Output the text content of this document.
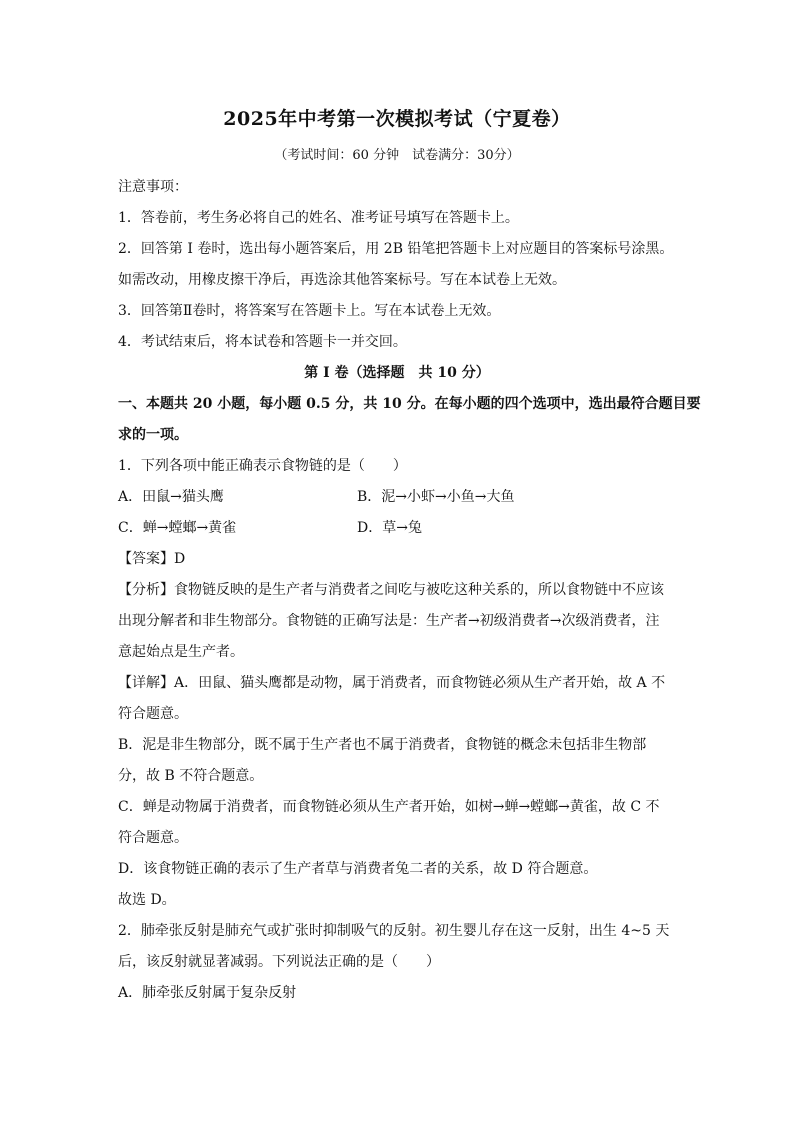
2025年中考第一次模拟考试（宁夏卷）
（考试时间：60 分钟　试卷满分：30分）
注意事项：
1．答卷前，考生务必将自己的姓名、准考证号填写在答题卡上。
2．回答第 I 卷时，选出每小题答案后，用 2B 铅笔把答题卡上对应题目的答案标号涂黑。
如需改动，用橡皮擦干净后，再选涂其他答案标号。写在本试卷上无效。
3．回答第Ⅱ卷时，将答案写在答题卡上。写在本试卷上无效。
4．考试结束后，将本试卷和答题卡一并交回。
第 I 卷（选择题　共 10 分）
一、本题共 20 小题，每小题 0.5 分，共 10 分。在每小题的四个选项中，选出最符合题目要
求的一项。
1．下列各项中能正确表示食物链的是（　　）
A．田鼠→猫头鹰	B．泥→小虾→小鱼→大鱼
C．蝉→螳螂→黄雀	D．草→兔
【答案】D
【分析】食物链反映的是生产者与消费者之间吃与被吃这种关系的，所以食物链中不应该
出现分解者和非生物部分。食物链的正确写法是：生产者→初级消费者→次级消费者，注
意起始点是生产者。
【详解】A．田鼠、猫头鹰都是动物，属于消费者，而食物链必须从生产者开始，故 A 不
符合题意。
B．泥是非生物部分，既不属于生产者也不属于消费者，食物链的概念未包括非生物部
分，故 B 不符合题意。
C．蝉是动物属于消费者，而食物链必须从生产者开始，如树→蝉→螳螂→黄雀，故 C 不
符合题意。
D．该食物链正确的表示了生产者草与消费者兔二者的关系，故 D 符合题意。
故选 D。
2．肺牵张反射是肺充气或扩张时抑制吸气的反射。初生婴儿存在这一反射，出生 4~5 天
后，该反射就显著减弱。下列说法正确的是（　　）
A．肺牵张反射属于复杂反射
